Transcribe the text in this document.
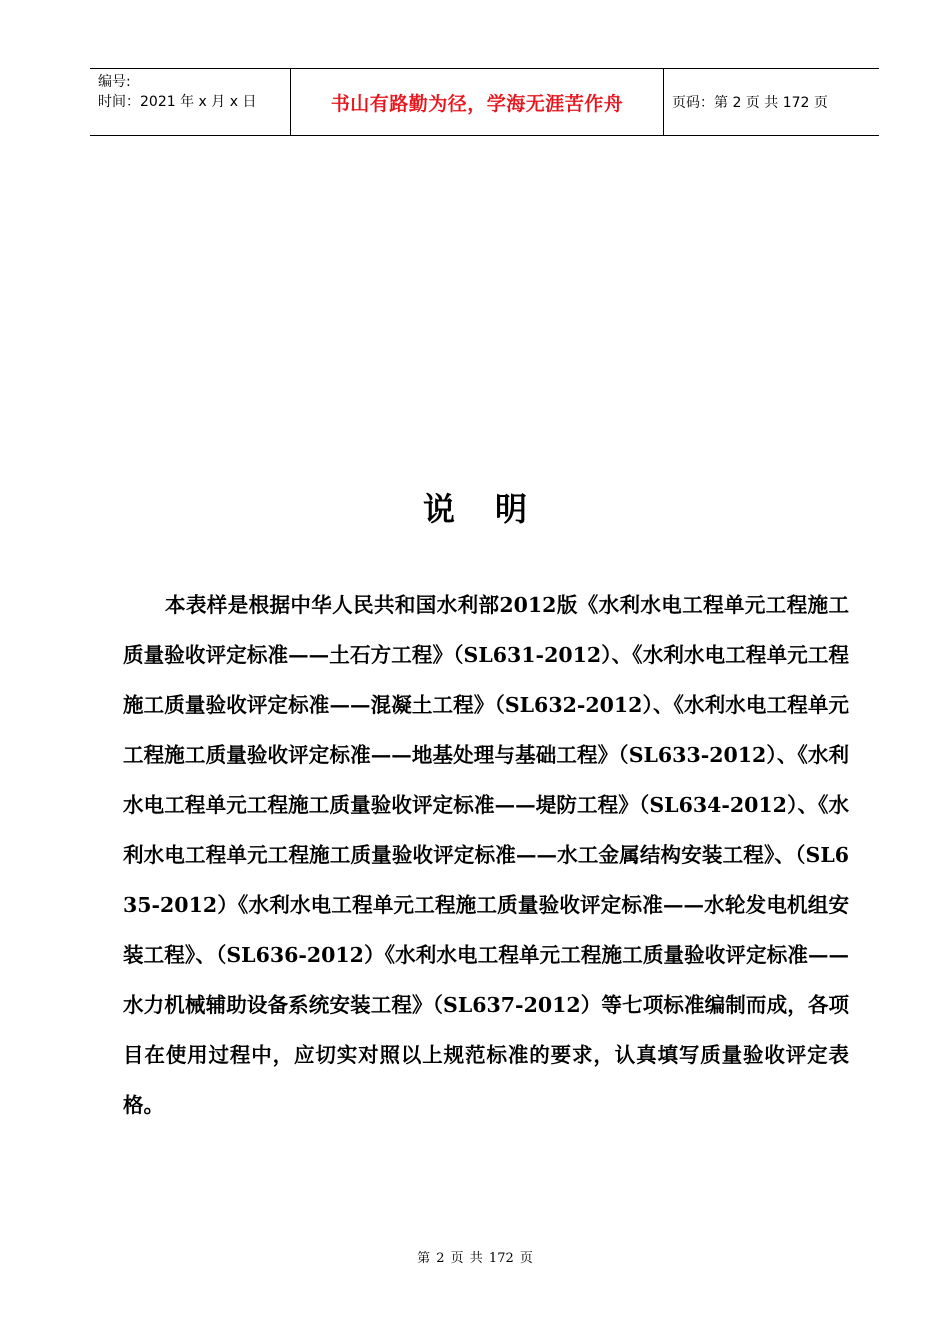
编号:
时间：2021 年 x 月 x 日	书山有路勤为径，学海无涯苦作舟	页码：第 2 页 共 172 页
说明

本表样是根据中华人民共和国水利部2012版《水利水电工程单元工程施工质量验收评定标准——土石方工程》（SL631-2012）、《水利水电工程单元工程施工质量验收评定标准——混凝土工程》（SL632-2012）、《水利水电工程单元工程施工质量验收评定标准——地基处理与基础工程》（SL633-2012）、《水利水电工程单元工程施工质量验收评定标准——堤防工程》（SL634-2012）、《水利水电工程单元工程施工质量验收评定标准——水工金属结构安装工程》、（SL635-2012）《水利水电工程单元工程施工质量验收评定标准——水轮发电机组安装工程》、（SL636-2012）《水利水电工程单元工程施工质量验收评定标准——水力机械辅助设备系统安装工程》（SL637-2012）等七项标准编制而成，各项目在使用过程中，应切实对照以上规范标准的要求，认真填写质量验收评定表格。

第 2 页 共 172 页
